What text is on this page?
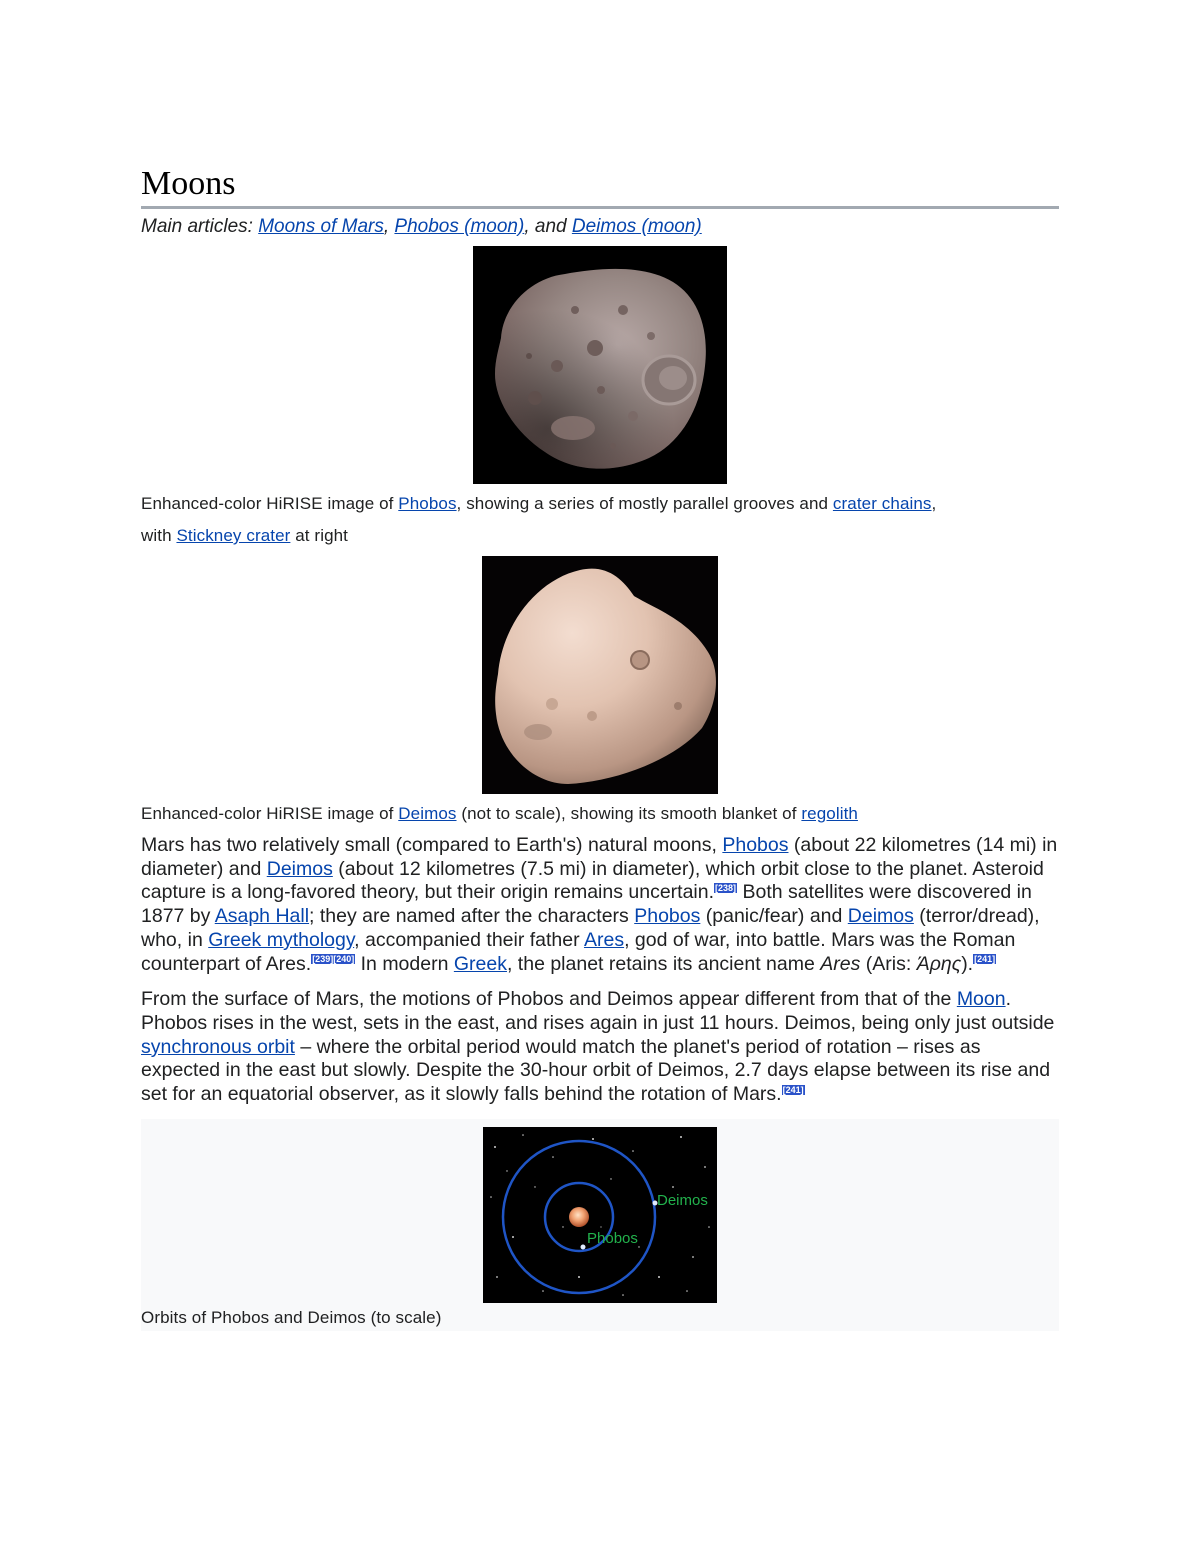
Moons
Main articles: Moons of Mars, Phobos (moon), and Deimos (moon)
Enhanced-color HiRISE image of Phobos, showing a series of mostly parallel grooves and crater chains,
with Stickney crater at right
Enhanced-color HiRISE image of Deimos (not to scale), showing its smooth blanket of regolith

Mars has two relatively small (compared to Earth's) natural moons, Phobos (about 22 kilometres (14 mi) in diameter) and Deimos (about 12 kilometres (7.5 mi) in diameter), which orbit close to the planet. Asteroid capture is a long-favored theory, but their origin remains uncertain.[238] Both satellites were discovered in 1877 by Asaph Hall; they are named after the characters Phobos (panic/fear) and Deimos (terror/dread), who, in Greek mythology, accompanied their father Ares, god of war, into battle. Mars was the Roman counterpart of Ares.[239][240] In modern Greek, the planet retains its ancient name Ares (Aris: Άρης).[241]

From the surface of Mars, the motions of Phobos and Deimos appear different from that of the Moon. Phobos rises in the west, sets in the east, and rises again in just 11 hours. Deimos, being only just outside synchronous orbit – where the orbital period would match the planet's period of rotation – rises as expected in the east but slowly. Despite the 30-hour orbit of Deimos, 2.7 days elapse between its rise and set for an equatorial observer, as it slowly falls behind the rotation of Mars.[241]

Deimos
Phobos
Orbits of Phobos and Deimos (to scale)
